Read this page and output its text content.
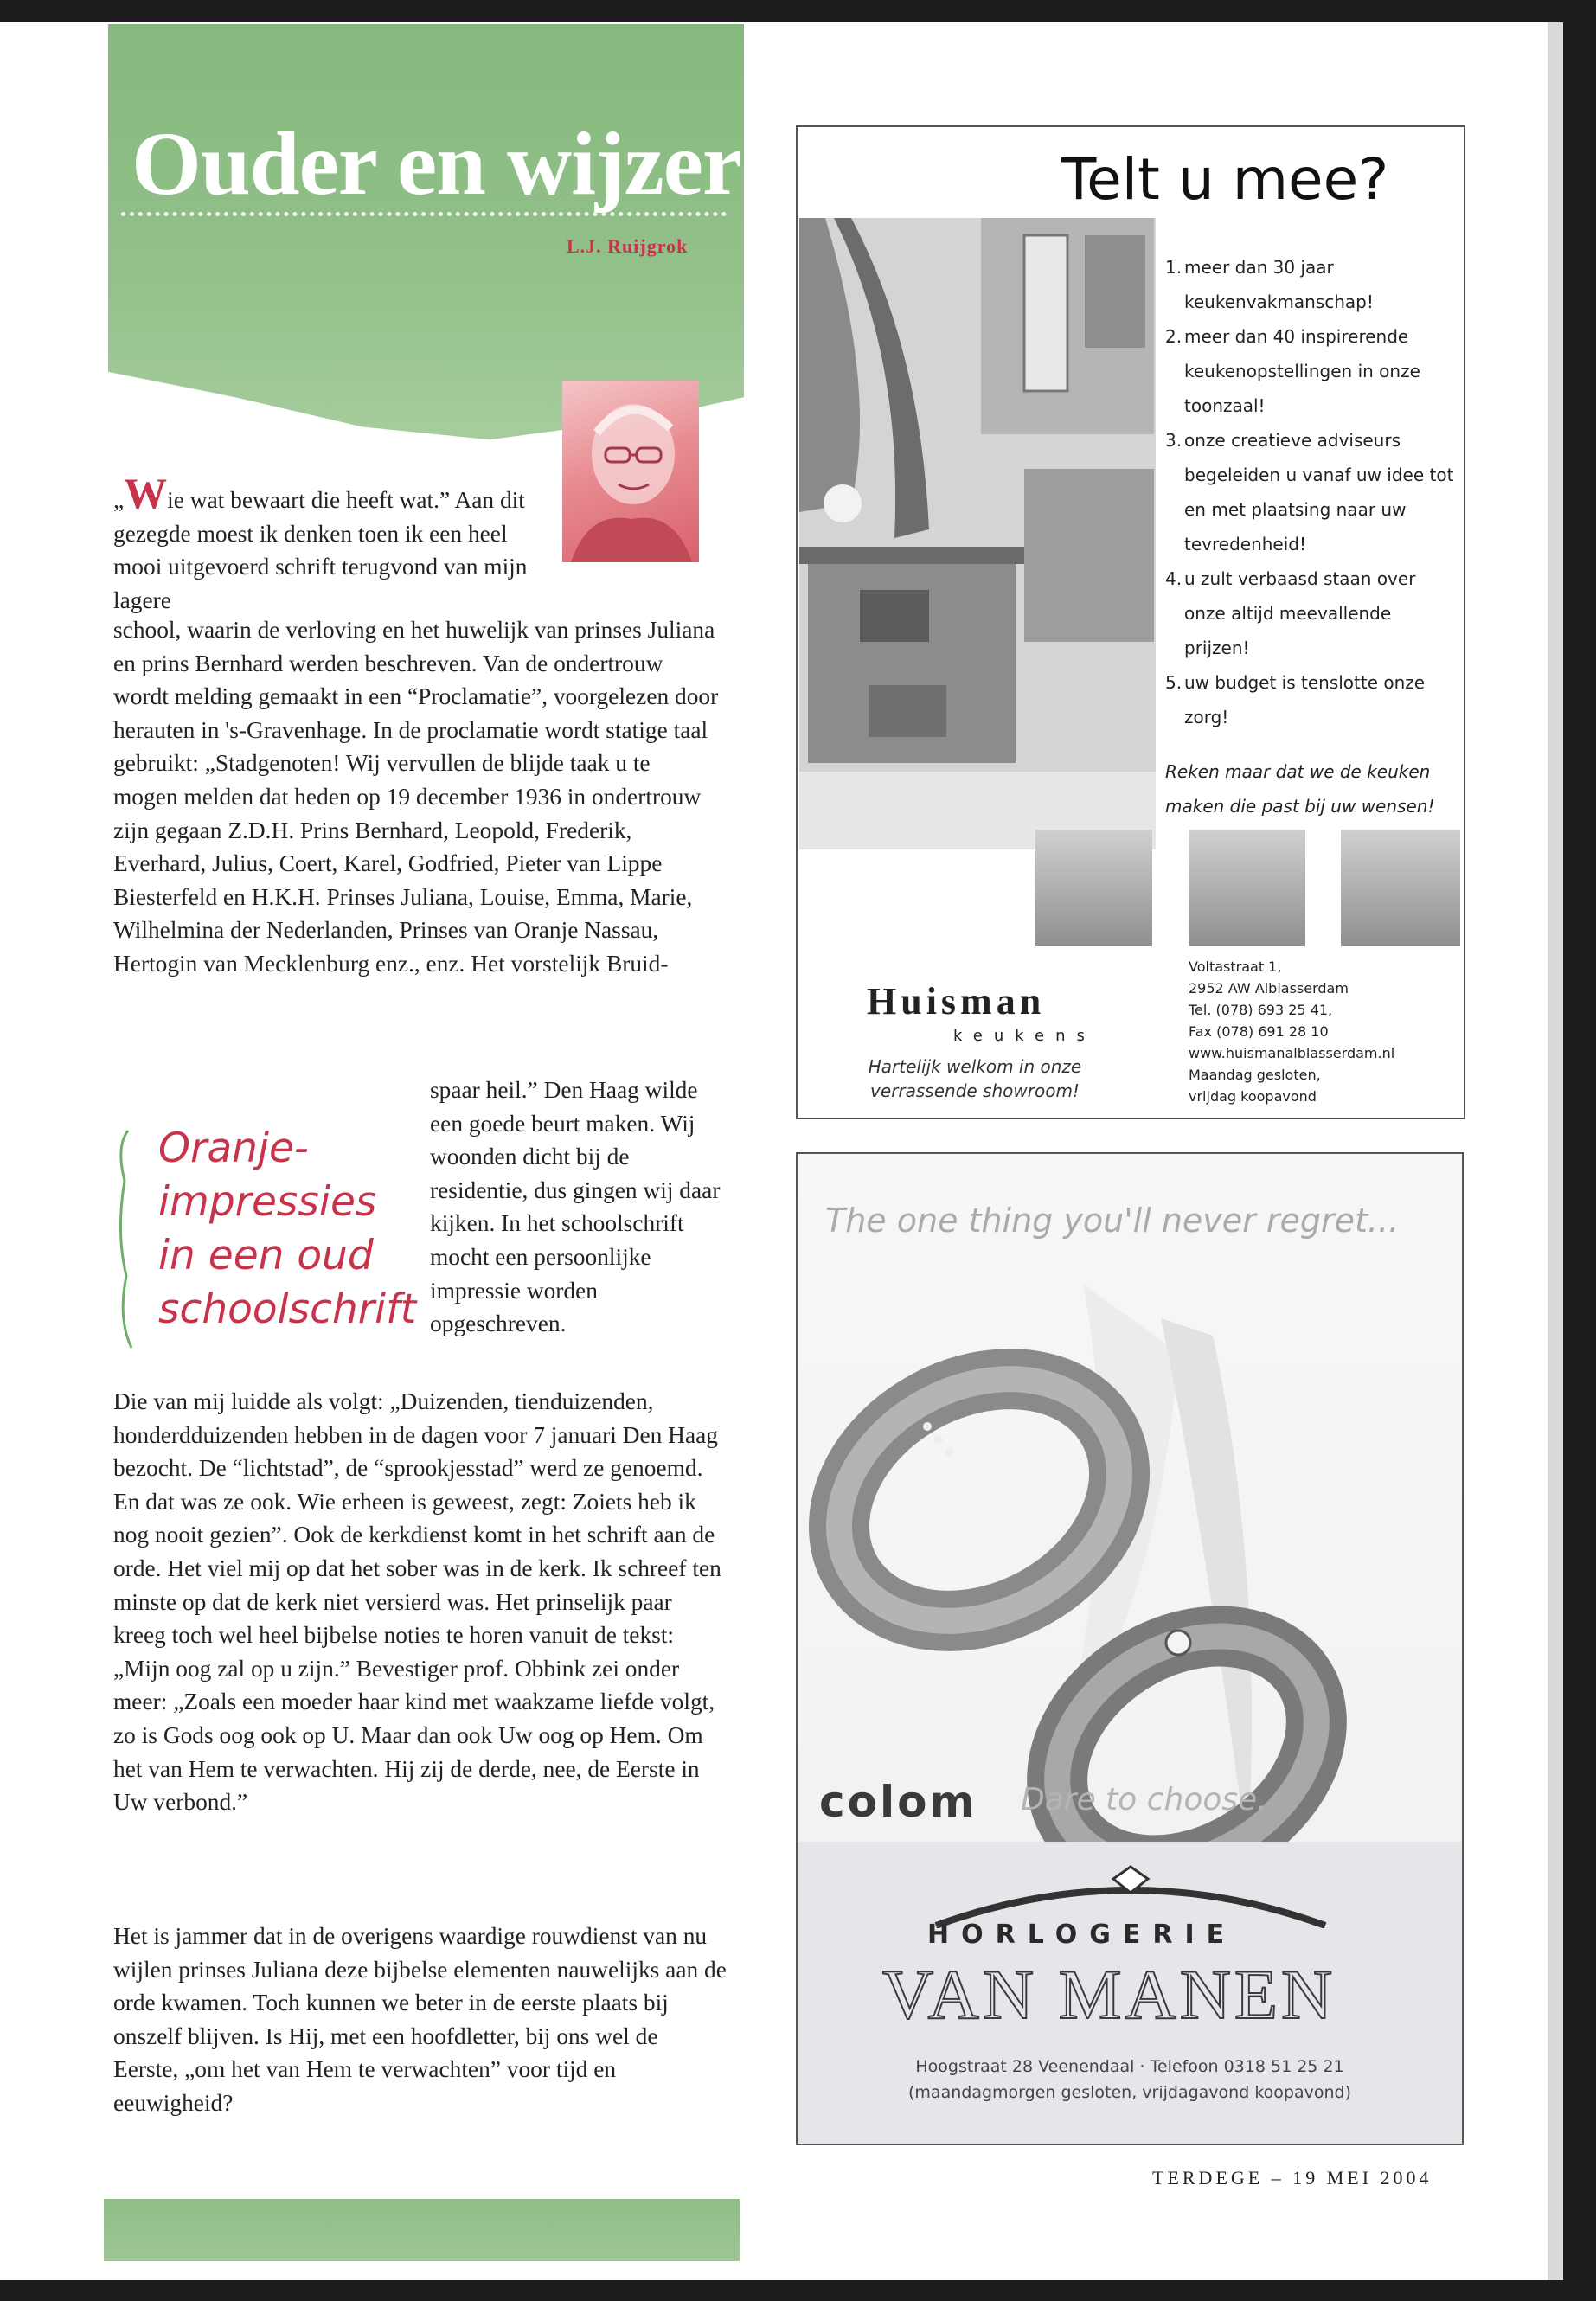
Ouder en wijzer
L.J. Ruijgrok
„Wie wat bewaart die heeft wat.” Aan dit gezegde moest ik denken toen ik een heel mooi uitgevoerd schrift terugvond van mijn lagere
school, waarin de verloving en het huwelijk van prinses Juliana en prins Bernhard werden beschreven. Van de ondertrouw wordt melding gemaakt in een “Proclamatie”, voorgelezen door herauten in 's-Gravenhage. In de proclamatie wordt statige taal gebruikt: „Stadgenoten! Wij vervullen de blijde taak u te mogen melden dat heden op 19 december 1936 in ondertrouw zijn gegaan Z.D.H. Prins Bernhard, Leopold, Frederik, Everhard, Julius, Coert, Karel, Godfried, Pieter van Lippe Biesterfeld en H.K.H. Prinses Juliana, Louise, Emma, Marie, Wilhelmina der Nederlanden, Prinses van Oranje Nassau, Hertogin van Mecklenburg enz., enz. Het vorstelijk Bruid-
spaar heil.” Den Haag wilde een goede beurt maken. Wij woonden dicht bij de residentie, dus gingen wij daar kijken. In het schoolschrift mocht een persoonlijke impressie worden opgeschreven.
Oranje-impressies in een oud schoolschrift
Die van mij luidde als volgt: „Duizenden, tienduizenden, honderdduizenden hebben in de dagen voor 7 januari Den Haag bezocht. De “lichtstad”, de “sprookjesstad” werd ze genoemd. En dat was ze ook. Wie erheen is geweest, zegt: Zoiets heb ik nog nooit gezien”. Ook de kerkdienst komt in het schrift aan de orde. Het viel mij op dat het sober was in de kerk. Ik schreef ten minste op dat de kerk niet versierd was. Het prinselijk paar kreeg toch wel heel bijbelse noties te horen vanuit de tekst: „Mijn oog zal op u zijn.” Bevestiger prof. Obbink zei onder meer: „Zoals een moeder haar kind met waakzame liefde volgt, zo is Gods oog ook op U. Maar dan ook Uw oog op Hem. Om het van Hem te verwachten. Hij zij de derde, nee, de Eerste in Uw verbond.”
Het is jammer dat in de overigens waardige rouwdienst van nu wijlen prinses Juliana deze bijbelse elementen nauwelijks aan de orde kwamen. Toch kunnen we beter in de eerste plaats bij onszelf blijven. Is Hij, met een hoofdletter, bij ons wel de Eerste, „om het van Hem te verwachten” voor tijd en eeuwigheid?
Telt u mee?
1. meer dan 30 jaar keukenvakmanschap!
2. meer dan 40 inspirerende keukenopstellingen in onze toonzaal!
3. onze creatieve adviseurs begeleiden u vanaf uw idee tot en met plaatsing naar uw tevredenheid!
4. u zult verbaasd staan over onze altijd meevallende prijzen!
5. uw budget is tenslotte onze zorg!
Reken maar dat we de keuken maken die past bij uw wensen!
Huisman
keukens
Hartelijk welkom in onze verrassende showroom!
Voltastraat 1,
2952 AW Alblasserdam
Tel. (078) 693 25 41,
Fax (078) 691 28 10
www.huismanalblasserdam.nl
Maandag gesloten,
vrijdag koopavond
The one thing you'll never regret...
colom Dare to choose.
HORLOGERIE
VAN MANEN
Hoogstraat 28 Veenendaal · Telefoon 0318 51 25 21
(maandagmorgen gesloten, vrijdagavond koopavond)
TERDEGE – 19 MEI 2004
